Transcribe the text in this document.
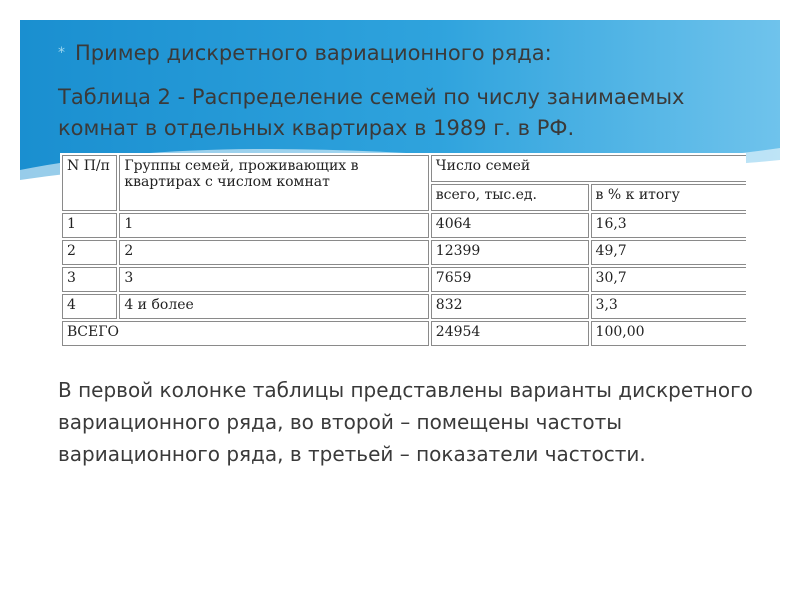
* Пример дискретного вариационного ряда:
Таблица 2 - Распределение семей по числу занимаемых комнат в отдельных квартирах в 1989 г. в РФ.
N П/п	Группы семей, проживающих в квартирах с числом комнат	Число семей	
		всего, тыс.ед.	в % к итогу
1	1	4064	16,3
2	2	12399	49,7
3	3	7659	30,7
4	4 и более	832	3,3
ВСЕГО		24954	100,00
В первой колонке таблицы представлены варианты дискретного вариационного ряда, во второй – помещены частоты вариационного ряда, в третьей – показатели частости.
